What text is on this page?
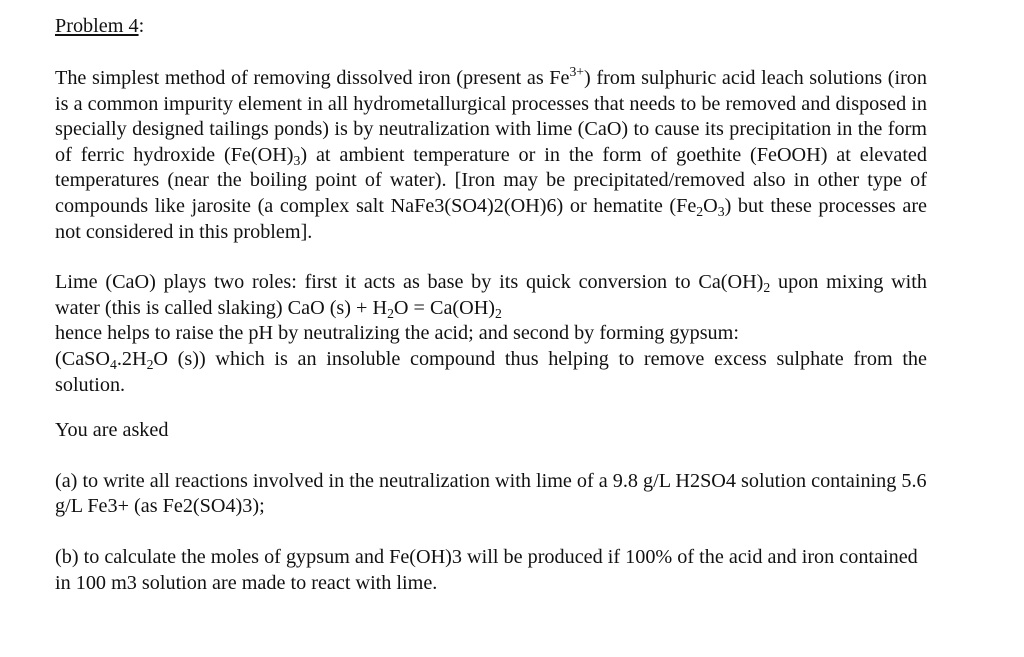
Problem 4:

The simplest method of removing dissolved iron (present as $Fe^{3+}$) from sulphuric acid leach solutions (iron is a common impurity element in all hydrometallurgical processes that needs to be removed and disposed in specially designed tailings ponds) is by neutralization with lime (CaO) to cause its precipitation in the form of ferric hydroxide $(Fe(OH)_3)$ at ambient temperature or in the form of goethite (FeOOH) at elevated temperatures (near the boiling point of water). [Iron may be precipitated/removed also in other type of compounds like jarosite (a complex salt NaFe3(SO4)2(OH)6) or hematite $(Fe_2O_3)$ but these processes are not considered in this problem].

Lime (CaO) plays two roles: first it acts as base by its quick conversion to $Ca(OH)_2$ upon mixing with water (this is called slaking) CaO $(s) + H_2O = Ca(OH)_2$
hence helps to raise the pH by neutralizing the acid; and second by forming gypsum:
($CaSO_4.2H_2O$ (s)) which is an insoluble compound thus helping to remove excess sulphate from the solution.

You are asked

(a) to write all reactions involved in the neutralization with lime of a 9.8 g/L H2SO4 solution containing 5.6 g/L Fe3+ (as Fe2(SO4)3);

(b) to calculate the moles of gypsum and Fe(OH)3 will be produced if 100% of the acid and iron contained in 100 m3 solution are made to react with lime.
